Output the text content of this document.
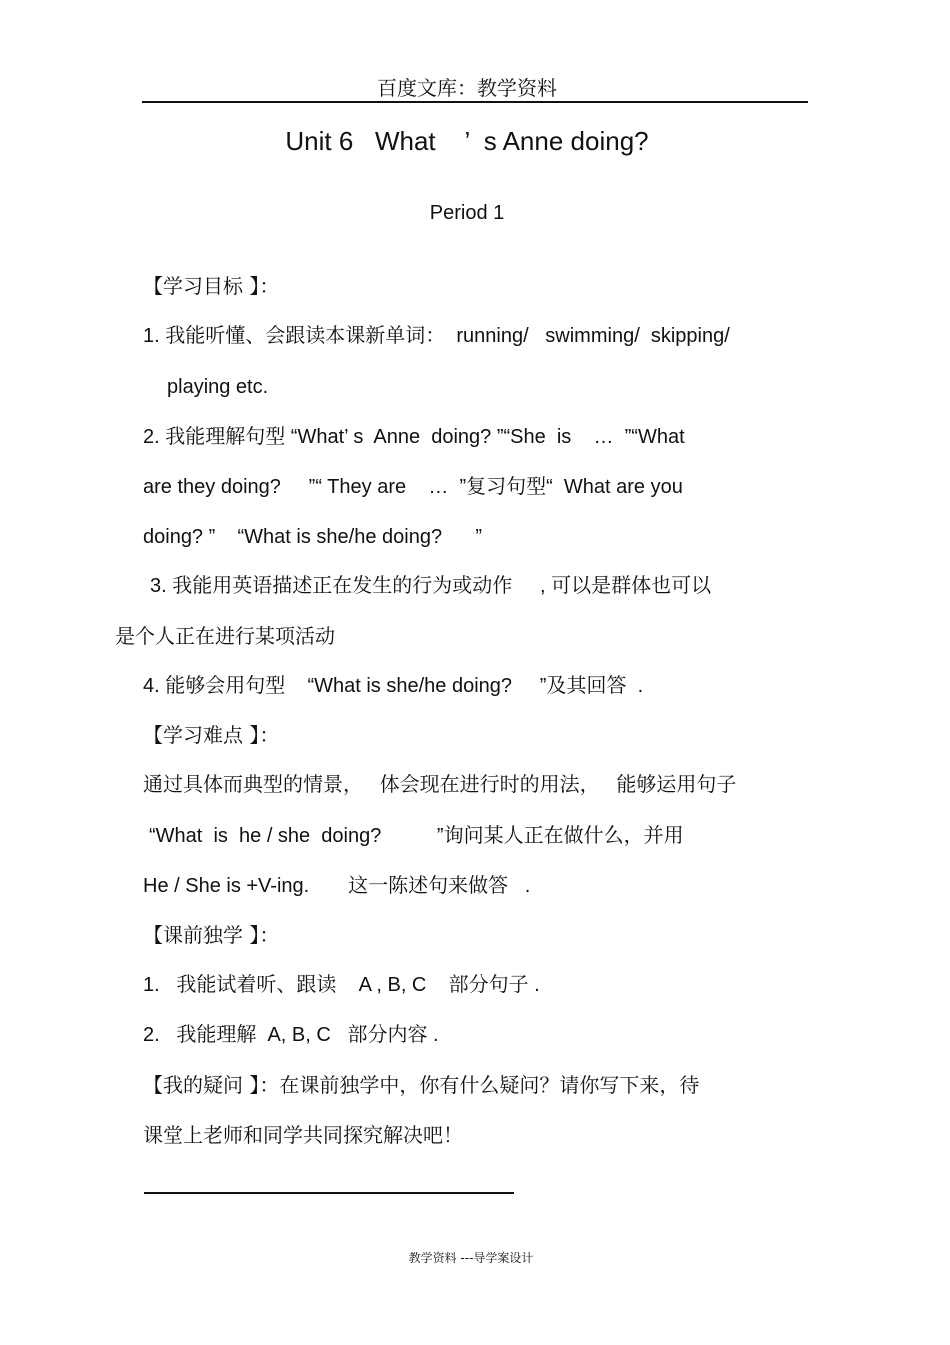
百度文库：教学资料
Unit 6   What    ’  s Anne doing?
Period 1
【学习目标 】：
1. 我能听懂、会跟读本课新单词：  running/   swimming/  skipping/
playing etc.
2. 我能理解句型 “What’ s  Anne  doing? ”“She  is    …  ”“What
are they doing?     ”“ They are    …  ”复习句型“  What are you
doing? ”    “What is she/he doing?      ”
3. 我能用英语描述正在发生的行为或动作     , 可以是群体也可以
是个人正在进行某项活动
4. 能够会用句型    “What is she/he doing?     ”及其回答  .
【学习难点 】：
通过具体而典型的情景，   体会现在进行时的用法，   能够运用句子
“What  is  he / she  doing?          ”询问某人正在做什么，并用
He / She is +V-ing.       这一陈述句来做答   .
【课前独学 】：
1.   我能试着听、跟读    A , B, C    部分句子 .
2.   我能理解  A, B, C   部分内容 .
【我的疑问 】：在课前独学中，你有什么疑问？请你写下来，待
课堂上老师和同学共同探究解决吧！
教学资料 ---导学案设计
